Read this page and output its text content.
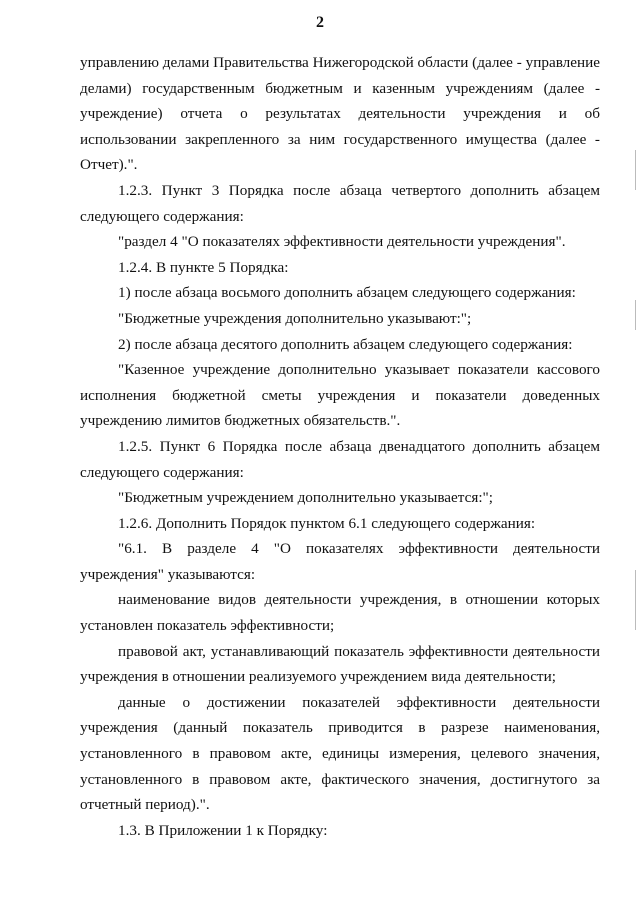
2

управлению делами Правительства Нижегородской области (далее - управление делами) государственным бюджетным и казенным учреждениям (далее - учреждение) отчета о результатах деятельности учреждения и об использовании закрепленного за ним государственного имущества (далее - Отчет).".

1.2.3. Пункт 3 Порядка после абзаца четвертого дополнить абзацем следующего содержания:

"раздел 4 "О показателях эффективности деятельности учреждения".

1.2.4. В пункте 5 Порядка:

1) после абзаца восьмого дополнить абзацем следующего содержания:

"Бюджетные учреждения дополнительно указывают:";

2) после абзаца десятого дополнить абзацем следующего содержания:

"Казенное учреждение дополнительно указывает показатели кассового исполнения бюджетной сметы учреждения и показатели доведенных учреждению лимитов бюджетных обязательств.".

1.2.5. Пункт 6 Порядка после абзаца двенадцатого дополнить абзацем следующего содержания:

"Бюджетным учреждением дополнительно указывается:";

1.2.6. Дополнить Порядок пунктом 6.1 следующего содержания:

"6.1. В разделе 4 "О показателях эффективности деятельности учреждения" указываются:

наименование видов деятельности учреждения, в отношении которых установлен показатель эффективности;

правовой акт, устанавливающий показатель эффективности деятельности учреждения в отношении реализуемого учреждением вида деятельности;

данные о достижении показателей эффективности деятельности учреждения (данный показатель приводится в разрезе наименования, установленного в правовом акте, единицы измерения, целевого значения, установленного в правовом акте, фактического значения, достигнутого за отчетный период).".

1.3. В Приложении 1 к Порядку:
